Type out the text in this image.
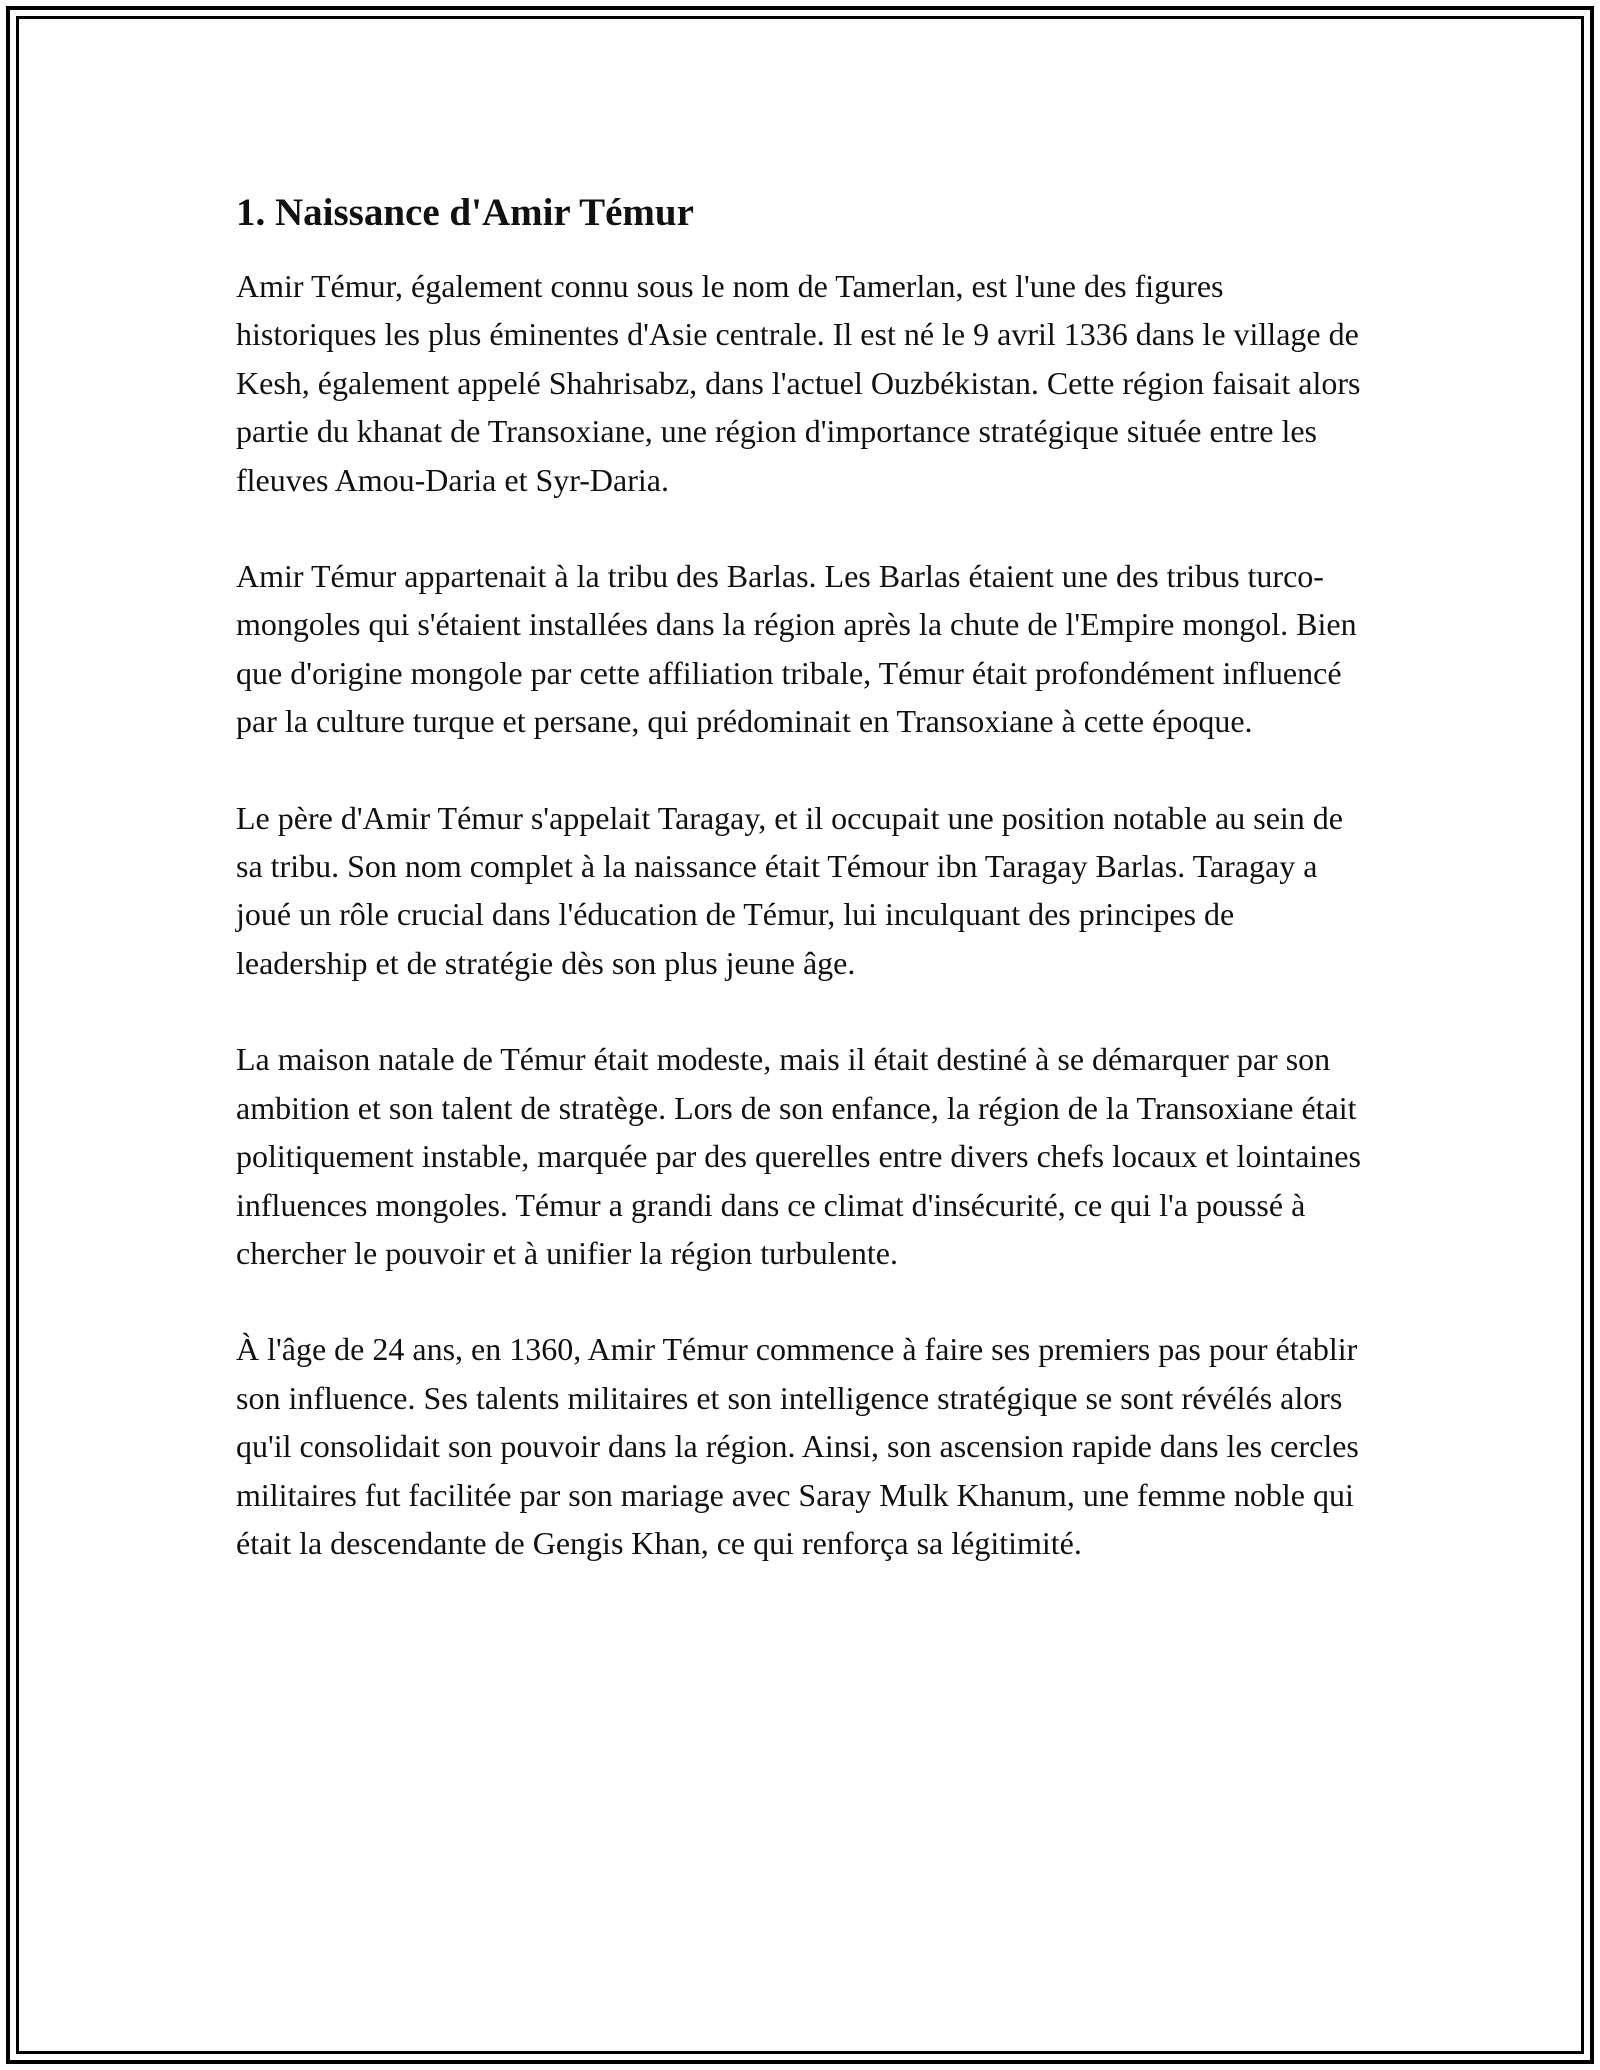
1. Naissance d'Amir Témur

Amir Témur, également connu sous le nom de Tamerlan, est l'une des figures historiques les plus éminentes d'Asie centrale. Il est né le 9 avril 1336 dans le village de Kesh, également appelé Shahrisabz, dans l'actuel Ouzbékistan. Cette région faisait alors partie du khanat de Transoxiane, une région d'importance stratégique située entre les fleuves Amou-Daria et Syr-Daria.

Amir Témur appartenait à la tribu des Barlas. Les Barlas étaient une des tribus turco-mongoles qui s'étaient installées dans la région après la chute de l'Empire mongol. Bien que d'origine mongole par cette affiliation tribale, Témur était profondément influencé par la culture turque et persane, qui prédominait en Transoxiane à cette époque.

Le père d'Amir Témur s'appelait Taragay, et il occupait une position notable au sein de sa tribu. Son nom complet à la naissance était Témour ibn Taragay Barlas. Taragay a joué un rôle crucial dans l'éducation de Témur, lui inculquant des principes de leadership et de stratégie dès son plus jeune âge.

La maison natale de Témur était modeste, mais il était destiné à se démarquer par son ambition et son talent de stratège. Lors de son enfance, la région de la Transoxiane était politiquement instable, marquée par des querelles entre divers chefs locaux et lointaines influences mongoles. Témur a grandi dans ce climat d'insécurité, ce qui l'a poussé à chercher le pouvoir et à unifier la région turbulente.

À l'âge de 24 ans, en 1360, Amir Témur commence à faire ses premiers pas pour établir son influence. Ses talents militaires et son intelligence stratégique se sont révélés alors qu'il consolidait son pouvoir dans la région. Ainsi, son ascension rapide dans les cercles militaires fut facilitée par son mariage avec Saray Mulk Khanum, une femme noble qui était la descendante de Gengis Khan, ce qui renforça sa légitimité.
